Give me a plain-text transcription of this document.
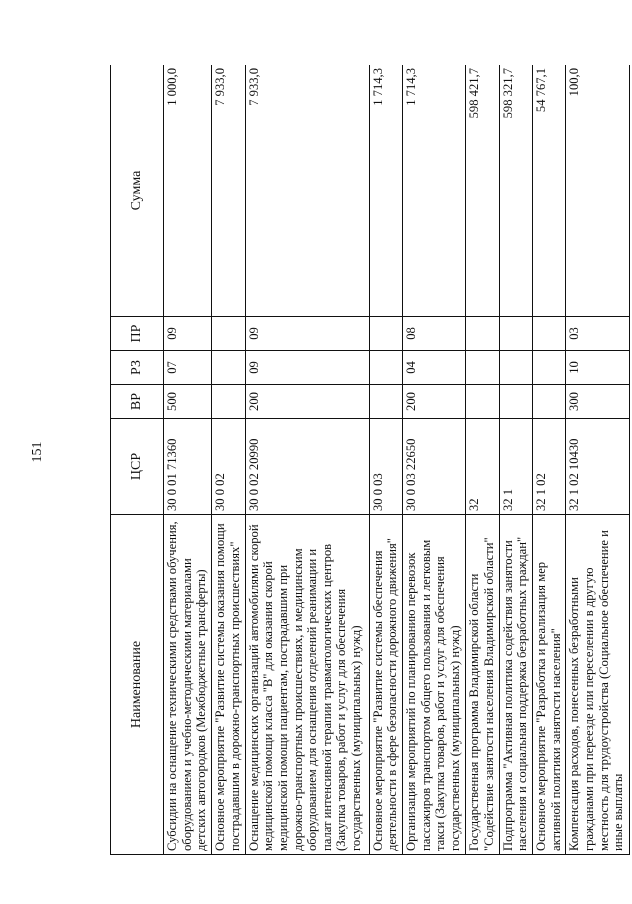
151
Наименование	ЦСР	ВР	РЗ	ПР	Сумма
Субсидии на оснащение техническими средствами обучения, оборудованием и учебно-методическими материалами детских автогородков (Межбюджетные трансферты)	30 0 01 71360	500	07	09	1 000,0
Основное мероприятие "Развитие системы оказания помощи пострадавшим в дорожно-транспортных происшествиях"	30 0 02				7 933,0
Оснащение медицинских организаций автомобилями скорой медицинской помощи класса "В" для оказания скорой медицинской помощи пациентам, пострадавшим при дорожно-транспортных происшествиях, и медицинским оборудованием для оснащения отделений реанимации и палат интенсивной терапии травматологических центров (Закупка товаров, работ и услуг для обеспечения государственных (муниципальных) нужд)	30 0 02 20990	200	09	09	7 933,0
Основное мероприятие "Развитие системы обеспечения деятельности в сфере безопасности дорожного движения"	30 0 03				1 714,3
Организация мероприятий по планированию перевозок пассажиров транспортом общего пользования и легковым такси (Закупка товаров, работ и услуг для обеспечения государственных (муниципальных) нужд)	30 0 03 22650	200	04	08	1 714,3
Государственная программа Владимирской области "Содействие занятости населения Владимирской области"	32				598 421,7
Подпрограмма "Активная политика содействия занятости населения и социальная поддержка безработных граждан"	32 1				598 321,7
Основное мероприятие "Разработка и реализация мер активной политики занятости населения"	32 1 02				54 767,1
Компенсация расходов, понесенных безработными гражданами при переезде или переселении в другую местность для трудоустройства (Социальное обеспечение и иные выплаты	32 1 02 10430	300	10	03	100,0
